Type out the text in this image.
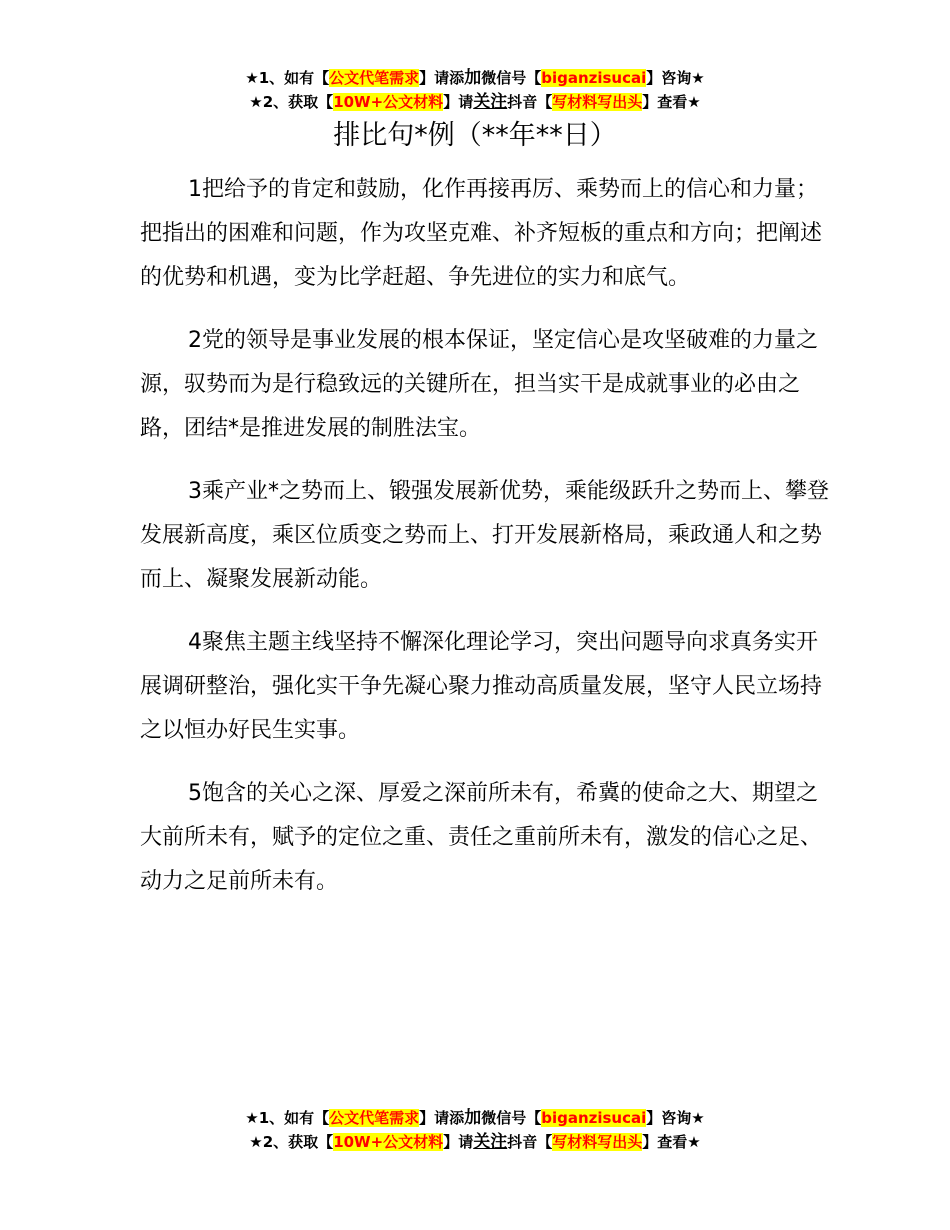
★1、如有【公文代笔需求】请添加微信号【biganzisucai】咨询★
★2、获取【10W+公文材料】请关注抖音【写材料写出头】查看★
排比句*例（**年**日）

1把给予的肯定和鼓励，化作再接再厉、乘势而上的信心和力量；把指出的困难和问题，作为攻坚克难、补齐短板的重点和方向；把阐述的优势和机遇，变为比学赶超、争先进位的实力和底气。

2党的领导是事业发展的根本保证，坚定信心是攻坚破难的力量之源，驭势而为是行稳致远的关键所在，担当实干是成就事业的必由之路，团结*是推进发展的制胜法宝。

3乘产业*之势而上、锻强发展新优势，乘能级跃升之势而上、攀登发展新高度，乘区位质变之势而上、打开发展新格局，乘政通人和之势而上、凝聚发展新动能。

4聚焦主题主线坚持不懈深化理论学习，突出问题导向求真务实开展调研整治，强化实干争先凝心聚力推动高质量发展，坚守人民立场持之以恒办好民生实事。

5饱含的关心之深、厚爱之深前所未有，希冀的使命之大、期望之大前所未有，赋予的定位之重、责任之重前所未有，激发的信心之足、动力之足前所未有。

★1、如有【公文代笔需求】请添加微信号【biganzisucai】咨询★
★2、获取【10W+公文材料】请关注抖音【写材料写出头】查看★
